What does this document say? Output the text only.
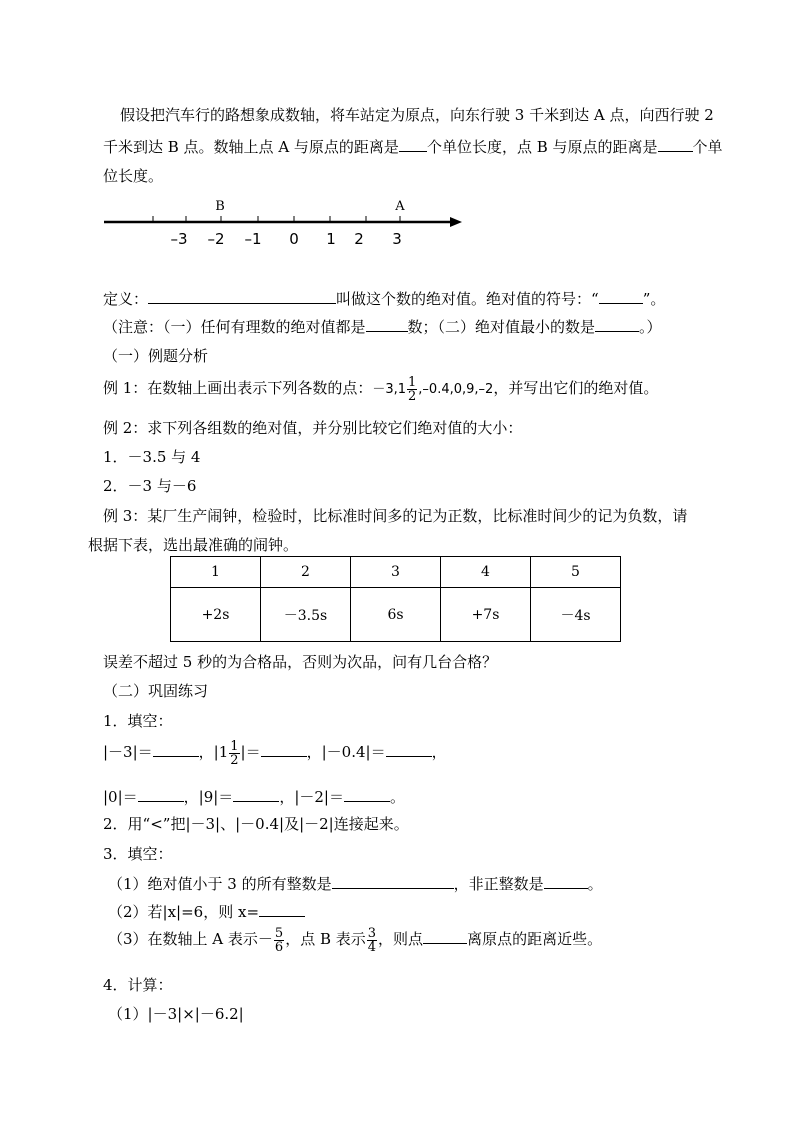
假设把汽车行的路想象成数轴，将车站定为原点，向东行驶 3 千米到达 A 点，向西行驶 2
千米到达 B 点。数轴上点 A 与原点的距离是 个单位长度，点 B 与原点的距离是 个单
位长度。
B	A
–3 –2 –1 0 1 2 3
定义：	叫做这个数的绝对值。绝对值的符号：“	”。
（注意：（一）任何有理数的绝对值都是	数；（二）绝对值最小的数是	。）
（一）例题分析
例 1：在数轴上画出表示下列各数的点：$-3,1 \frac{1}{2} ,-0.4,0,9,-2$，并写出它们的绝对值。
例 2：求下列各组数的绝对值，并分别比较它们绝对值的大小：
1．－3.5 与 4
2．－3 与－6
例 3：某厂生产闹钟，检验时，比标准时间多的记为正数，比标准时间少的记为负数，请
根据下表，选出最准确的闹钟。
1	2	3	4	5
+2s	－3.5s	6s	+7s	－4s
误差不超过 5 秒的为合格品，否则为次品，问有几台合格？
（二）巩固练习
1．填空：
|－3|＝	，$|1 \frac{1}{2}$ |＝	，|－0.4|＝	，
|0|＝	，|9|＝	，|－2|＝	。
2．用“<”把|－3|、|－0.4|及|－2|连接起来。
3．填空：
（1）绝对值小于 3 的所有整数是	，非正整数是	。
（2）若|x|=6，则 x=
（3）在数轴上 A 表示－ $\frac{5}{6}$ ，点 B 表示 $\frac{3}{4}$ ，则点	离原点的距离近些。
4．计算：
（1）|－3|×|－6.2|
